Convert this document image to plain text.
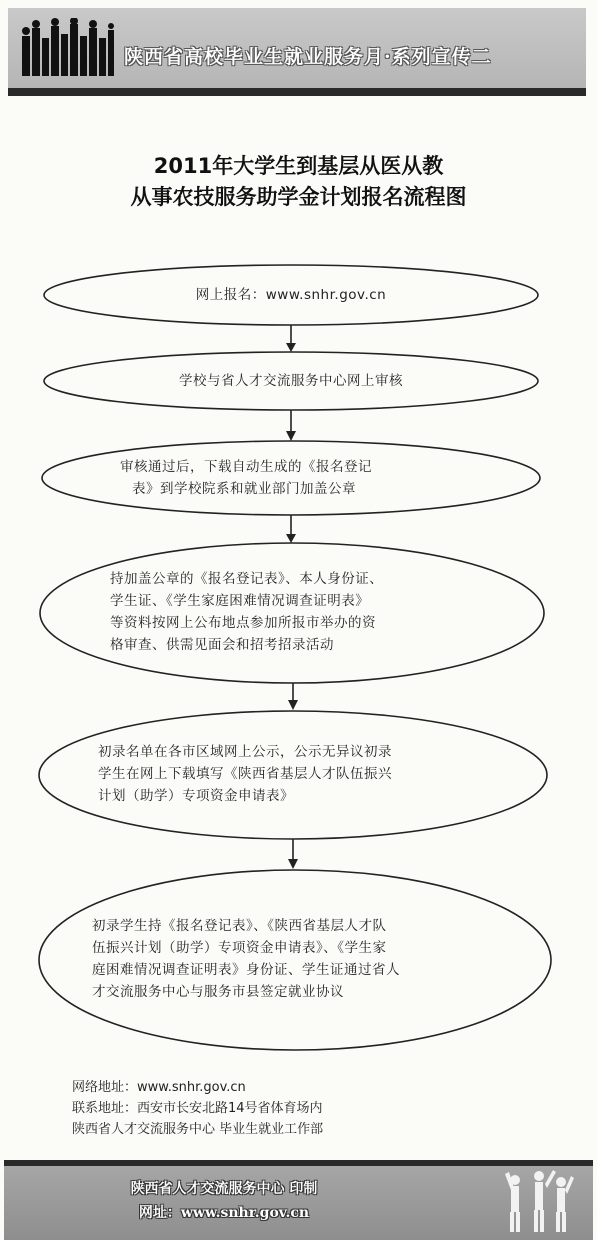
陕西省高校毕业生就业服务月·系列宣传二
2011年大学生到基层从医从教
从事农技服务助学金计划报名流程图
网上报名：www.snhr.gov.cn
学校与省人才交流服务中心网上审核
审核通过后，下载自动生成的《报名登记
表》到学校院系和就业部门加盖公章
持加盖公章的《报名登记表》、本人身份证、
学生证、《学生家庭困难情况调查证明表》
等资料按网上公布地点参加所报市举办的资
格审查、供需见面会和招考招录活动
初录名单在各市区域网上公示，公示无异议初录
学生在网上下载填写《陕西省基层人才队伍振兴
计划（助学）专项资金申请表》
初录学生持《报名登记表》、《陕西省基层人才队
伍振兴计划（助学）专项资金申请表》、《学生家
庭困难情况调查证明表》身份证、学生证通过省人
才交流服务中心与服务市县签定就业协议
网络地址：www.snhr.gov.cn
联系地址：西安市长安北路14号省体育场内
陕西省人才交流服务中心 毕业生就业工作部
陕西省人才交流服务中心 印制
网址：www.snhr.gov.cn
